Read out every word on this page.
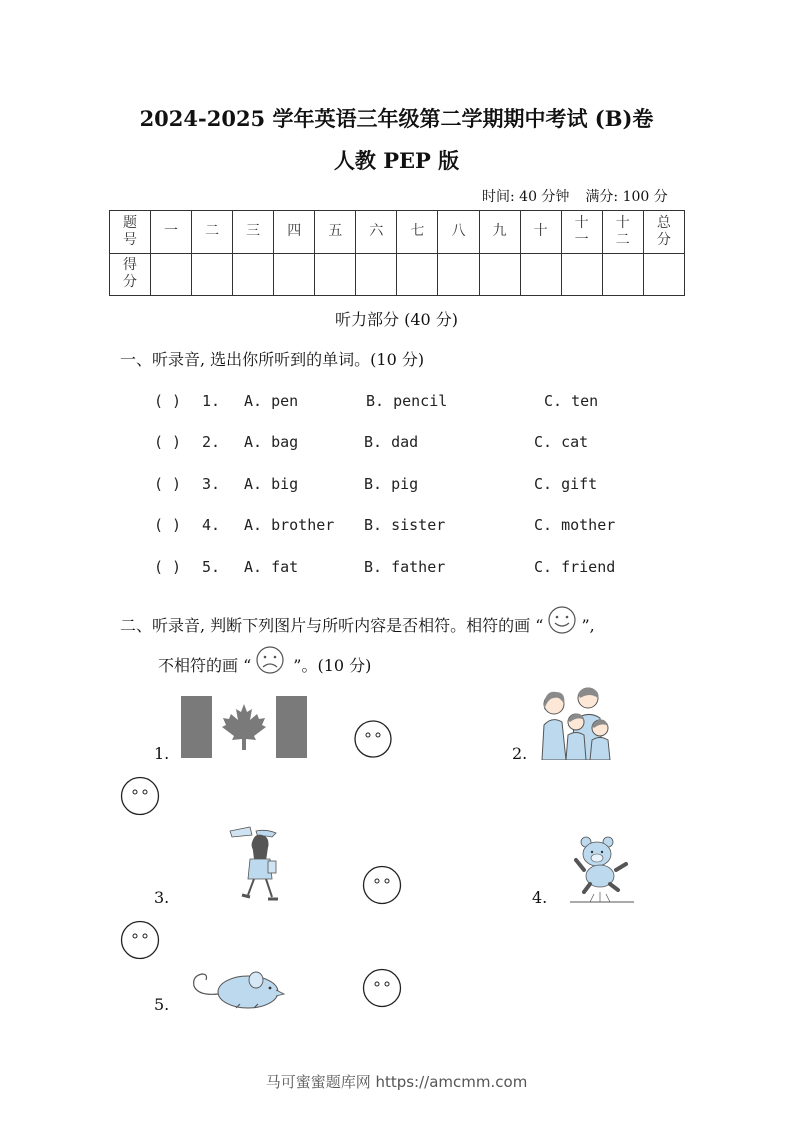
2024-2025 学年英语三年级第二学期期中考试 (B)卷
人教 PEP 版
时间: 40 分钟 满分: 100 分
题号	一	二	三	四	五	六	七	八	九	十	十一	十二	总分
得分													
听力部分 (40 分)
一、听录音, 选出你所听到的单词。(10 分)
( ) 1. A. pen	B. pencil	C. ten
( ) 2. A. bag	B. dad	C. cat
( ) 3. A. big	B. pig	C. gift
( ) 4. A. brother B. sister	C. mother
( ) 5. A. fat	B. father	C. friend
二、听录音, 判断下列图片与所听内容是否相符。相符的画 “ ”,
不相符的画 “	”。(10 分)
1.	2.
3.	4.
5.
马可蜜蜜题库网 https://amcmm.com
